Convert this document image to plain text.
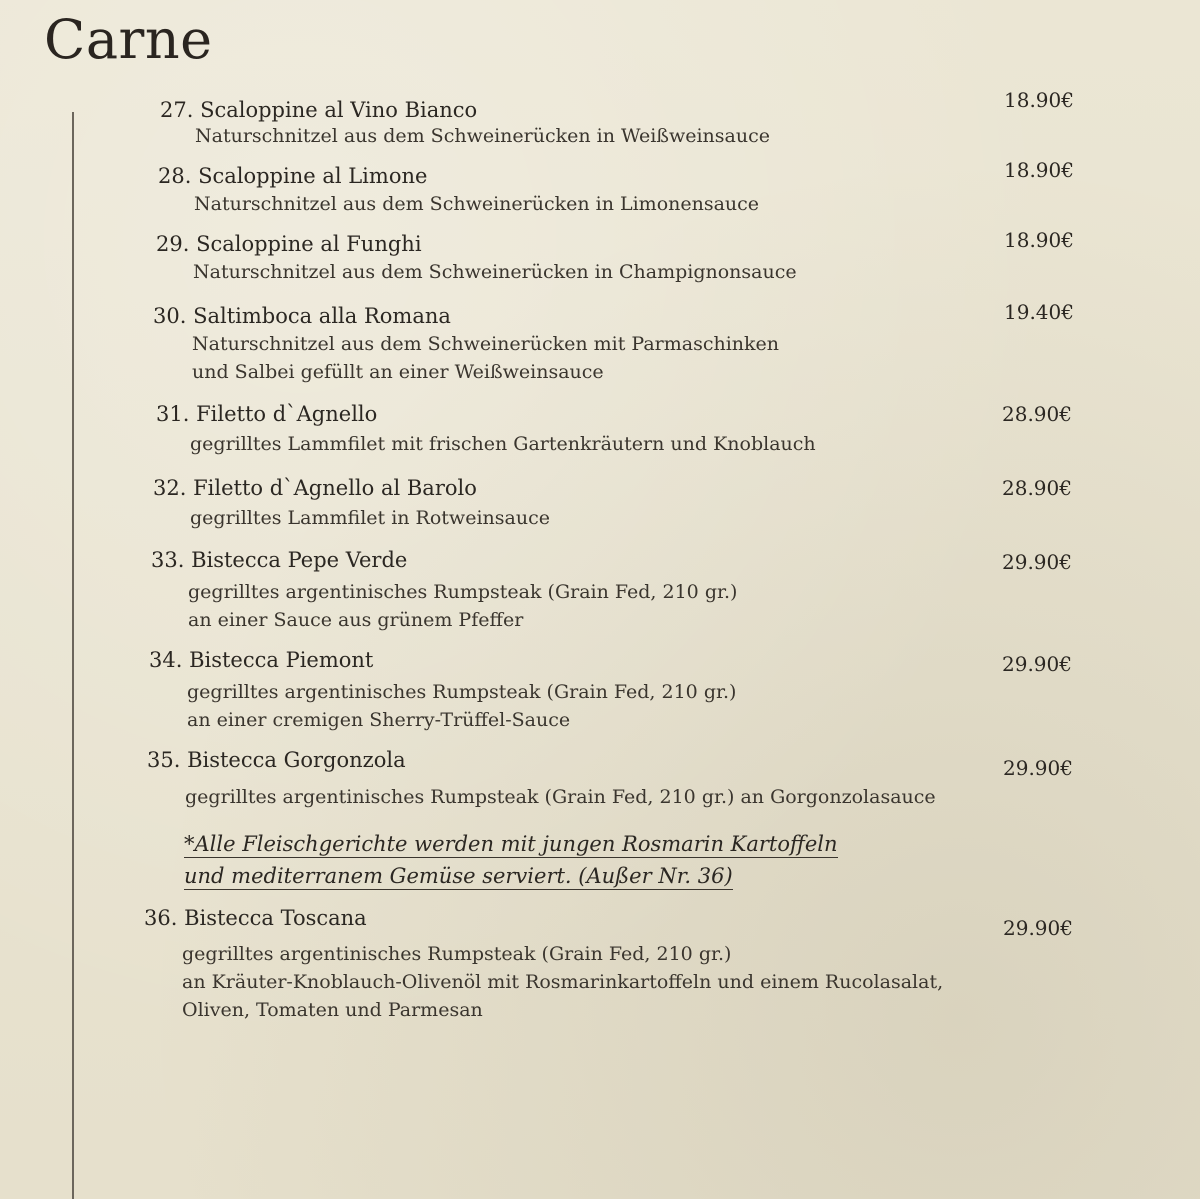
Carne
27. Scaloppine al Vino Bianco
Naturschnitzel aus dem Schweinerücken in Weißweinsauce
18.90€
28. Scaloppine al Limone
Naturschnitzel aus dem Schweinerücken in Limonensauce
18.90€
29. Scaloppine al Funghi
Naturschnitzel aus dem Schweinerücken in Champignonsauce
18.90€
30. Saltimboca alla Romana
Naturschnitzel aus dem Schweinerücken mit Parmaschinken
und Salbei gefüllt an einer Weißweinsauce
19.40€
31. Filetto d`Agnello
gegrilltes Lammfilet mit frischen Gartenkräutern und Knoblauch
28.90€
32. Filetto d`Agnello al Barolo
gegrilltes Lammfilet in Rotweinsauce
28.90€
33. Bistecca Pepe Verde
gegrilltes argentinisches Rumpsteak (Grain Fed, 210 gr.)
an einer Sauce aus grünem Pfeffer
29.90€
34. Bistecca Piemont
gegrilltes argentinisches Rumpsteak (Grain Fed, 210 gr.)
an einer cremigen Sherry-Trüffel-Sauce
29.90€
35. Bistecca Gorgonzola
gegrilltes argentinisches Rumpsteak (Grain Fed, 210 gr.) an Gorgonzolasauce
29.90€
*Alle Fleischgerichte werden mit jungen Rosmarin Kartoffeln
und mediterranem Gemüse serviert. (Außer Nr. 36)
36. Bistecca Toscana
gegrilltes argentinisches Rumpsteak (Grain Fed, 210 gr.)
an Kräuter-Knoblauch-Olivenöl mit Rosmarinkartoffeln und einem Rucolasalat,
Oliven, Tomaten und Parmesan
29.90€
